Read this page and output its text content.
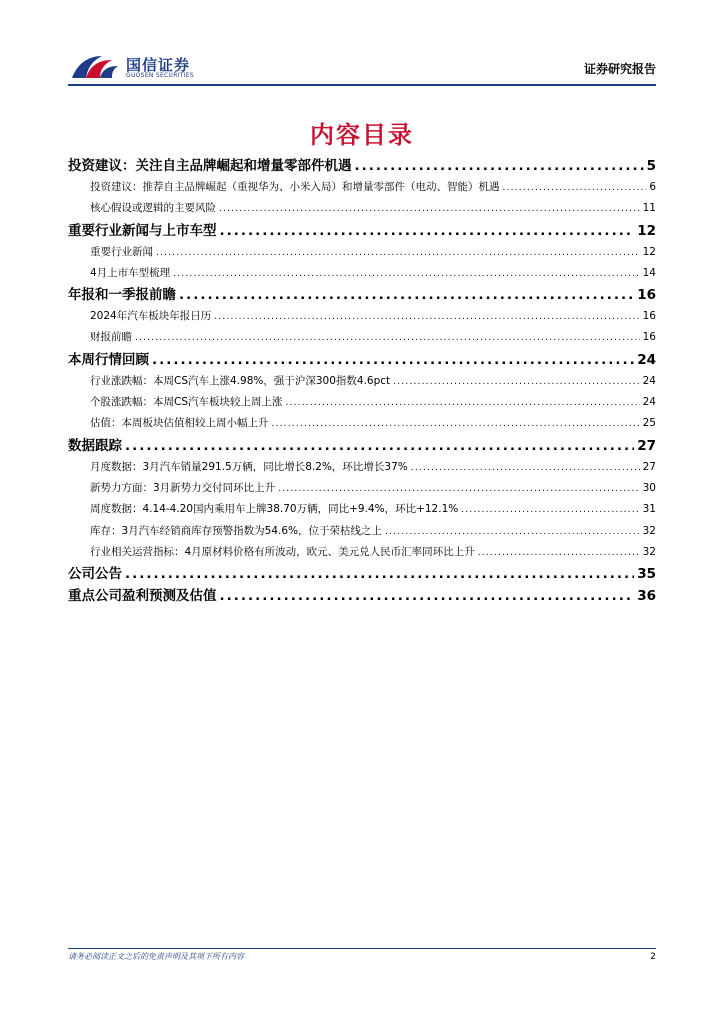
国信证券
GUOSEN SECURITIES	证券研究报告
内容目录
投资建议：关注自主品牌崛起和增量零部件机遇 .....	5
投资建议：推荐自主品牌崛起（重视华为、小米入局）和增量零部件（电动、智能）机遇 .....	6
核心假设或逻辑的主要风险 .....	11
重要行业新闻与上市车型 .....	12
重要行业新闻 .....	12
4月上市车型梳理 .....	14
年报和一季报前瞻 .....	16
2024年汽车板块年报日历 .....	16
财报前瞻 .....	16
本周行情回顾 .....	24
行业涨跌幅：本周CS汽车上涨4.98%，强于沪深300指数4.6pct .....	24
个股涨跌幅：本周CS汽车板块较上周上涨 .....	24
估值：本周板块估值相较上周小幅上升 .....	25
数据跟踪 .....	27
月度数据：3月汽车销量291.5万辆，同比增长8.2%，环比增长37% .....	27
新势力方面：3月新势力交付同环比上升 .....	30
周度数据：4.14-4.20国内乘用车上牌38.70万辆，同比+9.4%，环比+12.1% .....	31
库存：3月汽车经销商库存预警指数为54.6%，位于荣枯线之上 .....	32
行业相关运营指标：4月原材料价格有所波动，欧元、美元兑人民币汇率同环比上升 .....	32
公司公告 .....	35
重点公司盈利预测及估值 .....	36
请务必阅读正文之后的免责声明及其项下所有内容	2
